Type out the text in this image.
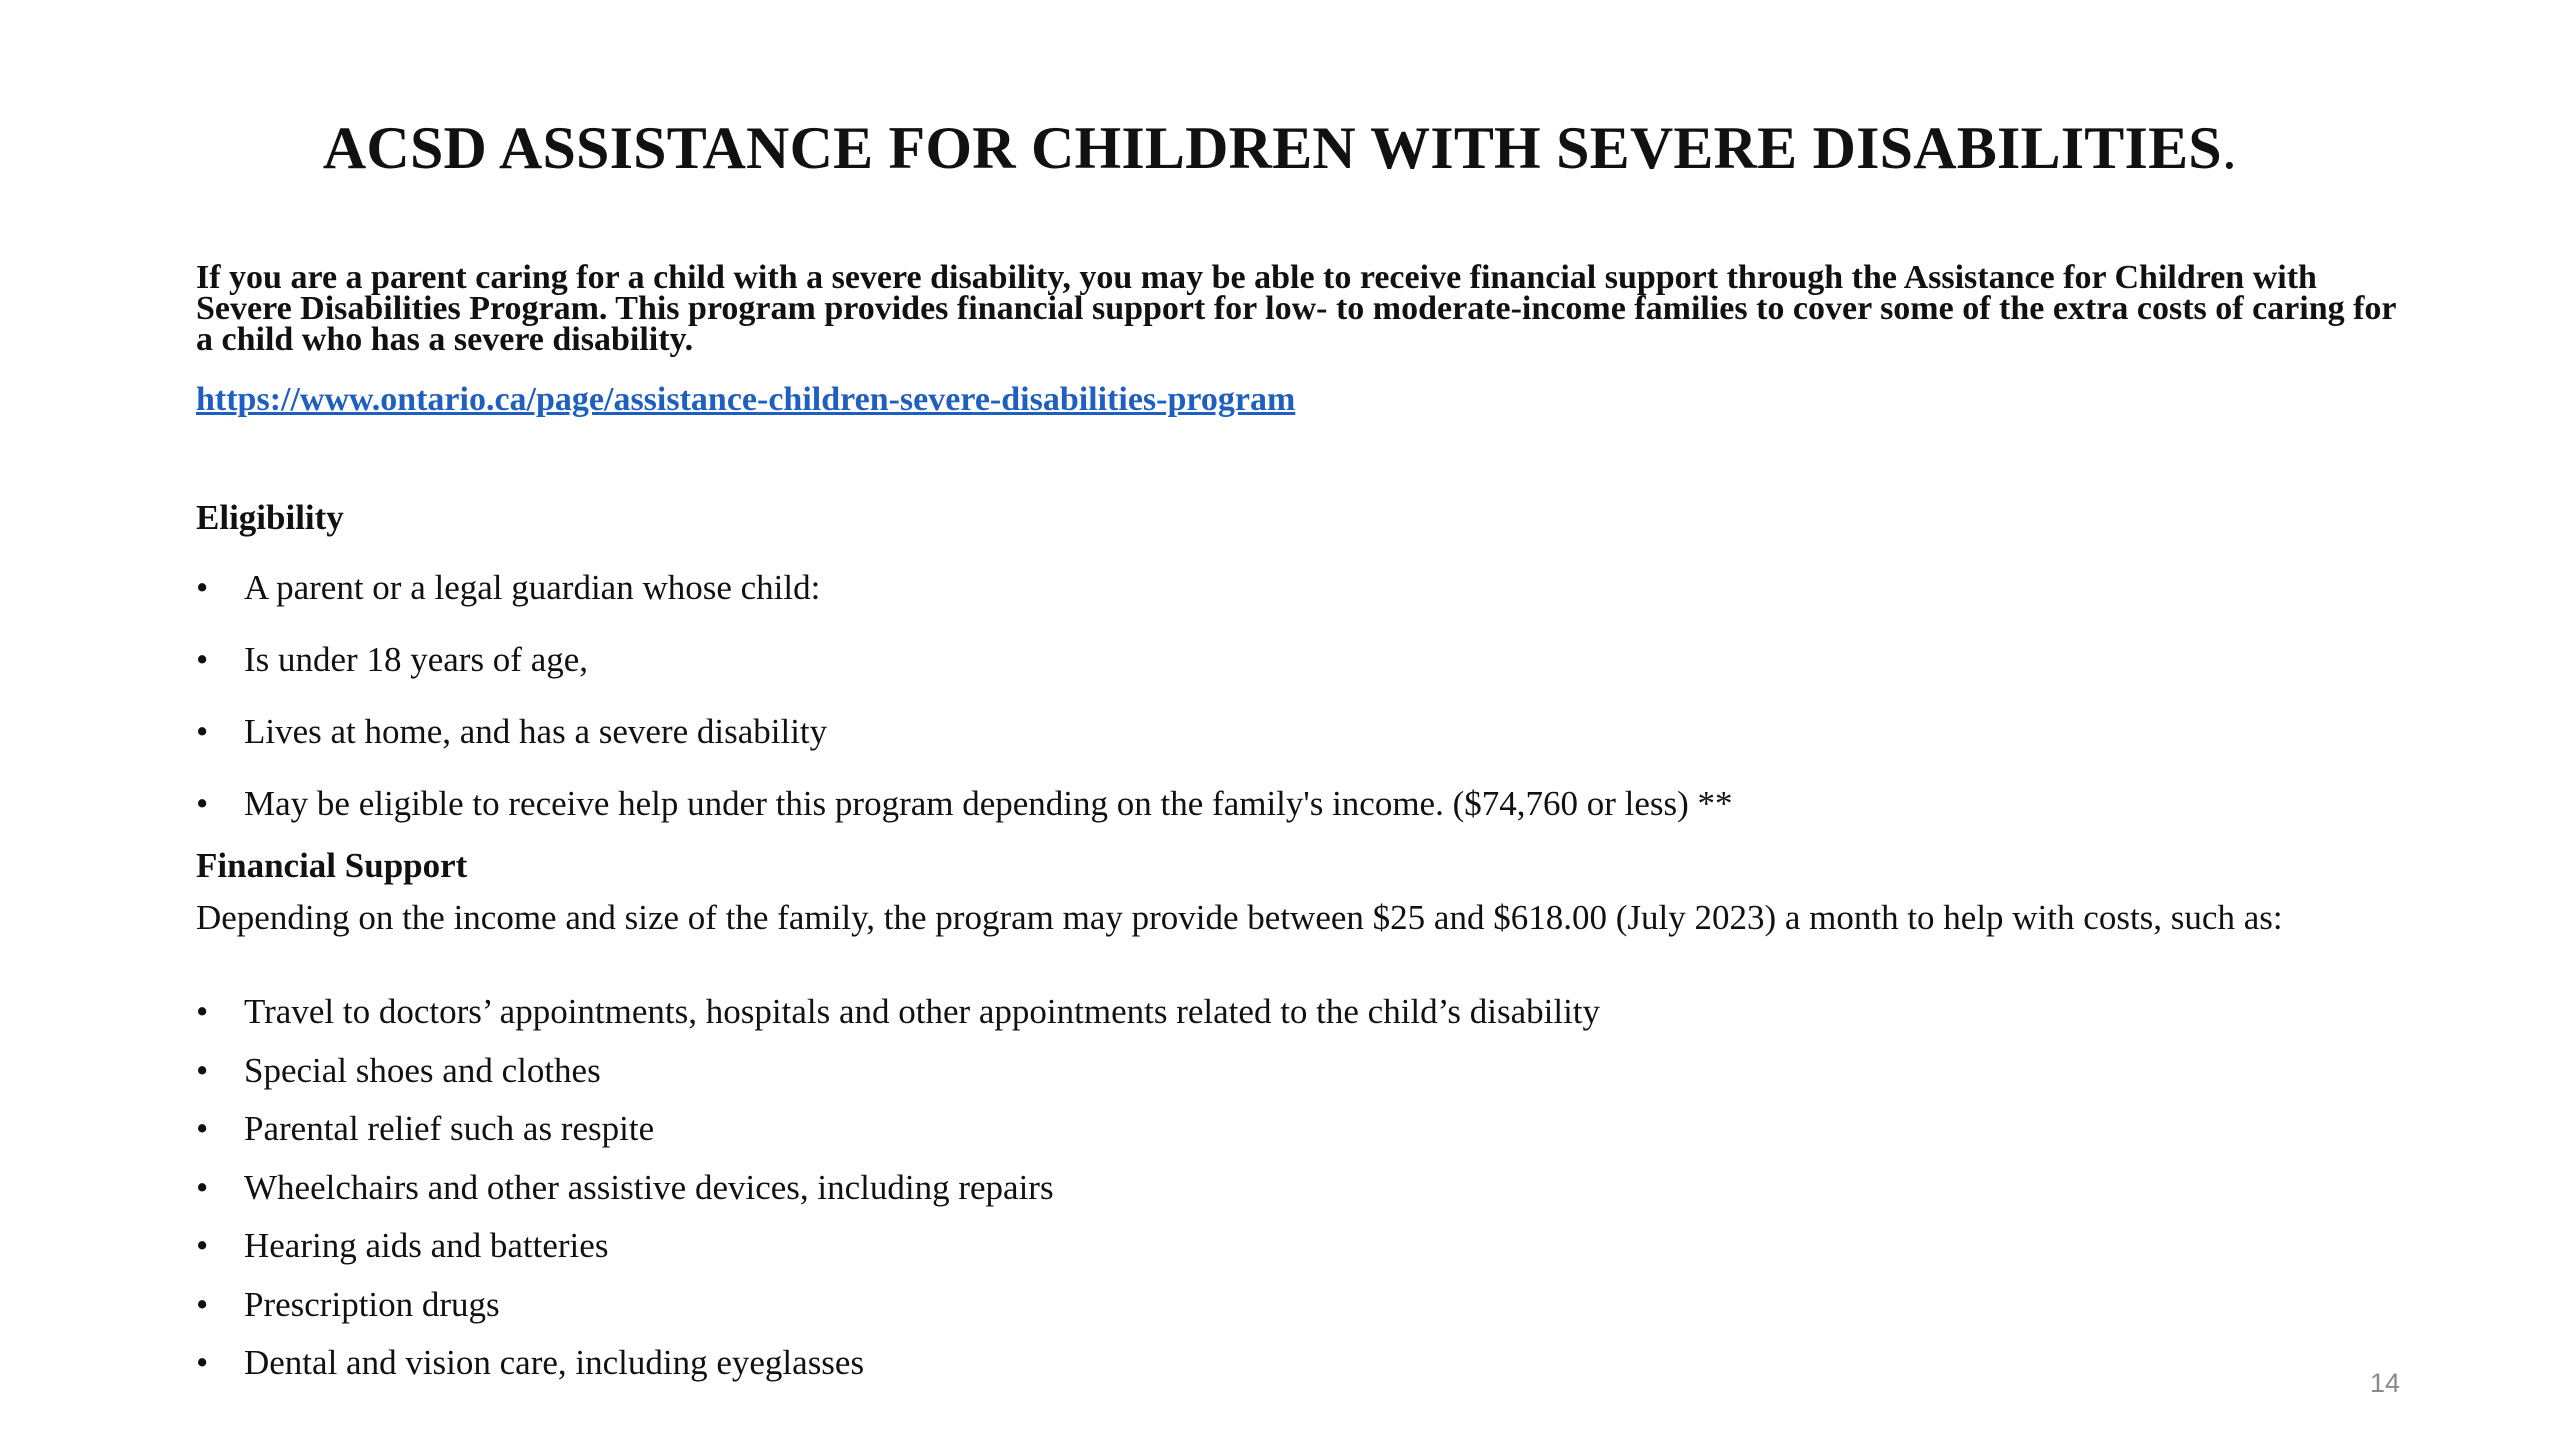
ACSD ASSISTANCE FOR CHILDREN WITH SEVERE DISABILITIES.

If you are a parent caring for a child with a severe disability, you may be able to receive financial support through the Assistance for Children with Severe Disabilities Program. This program provides financial support for low- to moderate-income families to cover some of the extra costs of caring for a child who has a severe disability.

https://www.ontario.ca/page/assistance-children-severe-disabilities-program
Eligibility
•	A parent or a legal guardian whose child:
•	Is under 18 years of age,
•	Lives at home, and has a severe disability
•	May be eligible to receive help under this program depending on the family's income. ($74,760 or less) **
Financial Support

Depending on the income and size of the family, the program may provide between $25 and $618.00 (July 2023) a month to help with costs, such as:

•	Travel to doctors’ appointments, hospitals and other appointments related to the child’s disability
•	Special shoes and clothes
•	Parental relief such as respite
•	Wheelchairs and other assistive devices, including repairs
•	Hearing aids and batteries
•	Prescription drugs
•	Dental and vision care, including eyeglasses
14
